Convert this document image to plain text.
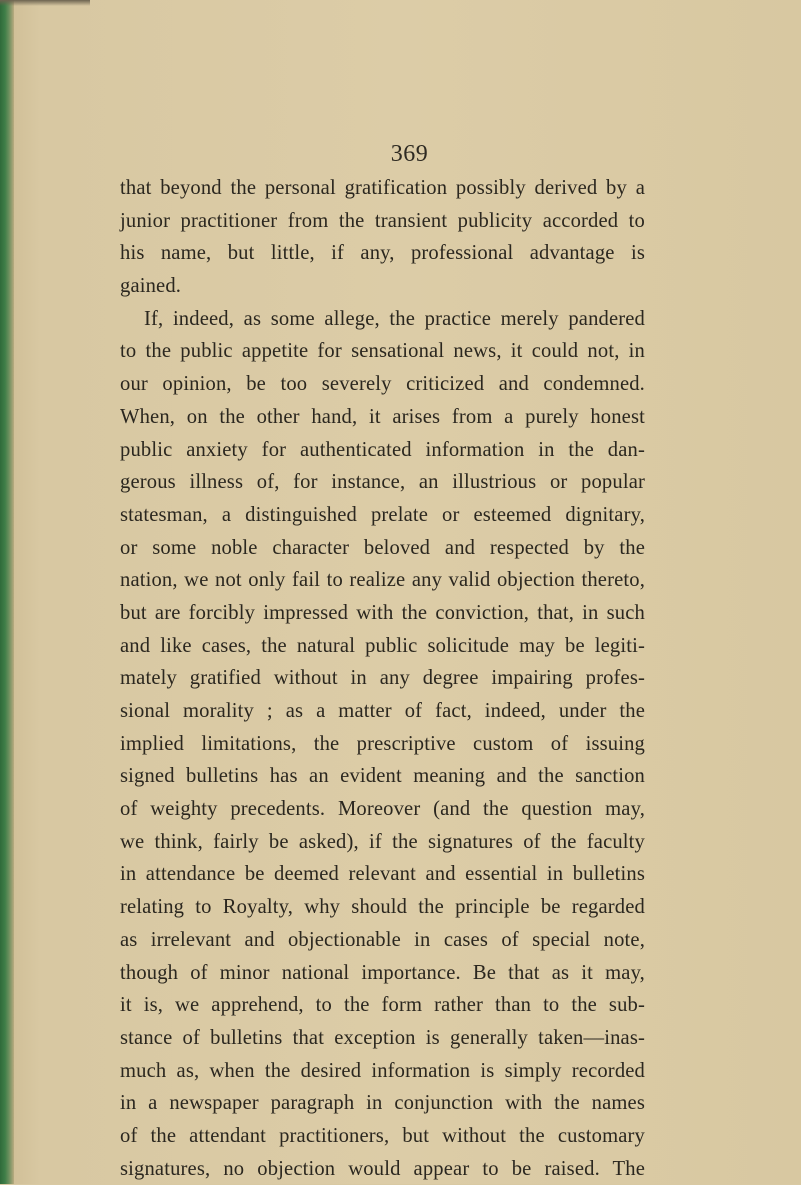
369
that beyond the personal gratification possibly derived by a
junior practitioner from the transient publicity accorded to
his name, but little, if any, professional advantage is
gained.
If, indeed, as some allege, the practice merely pandered
to the public appetite for sensational news, it could not, in
our opinion, be too severely criticized and condemned.
When, on the other hand, it arises from a purely honest
public anxiety for authenticated information in the dan-
gerous illness of, for instance, an illustrious or popular
statesman, a distinguished prelate or esteemed dignitary,
or some noble character beloved and respected by the
nation, we not only fail to realize any valid objection thereto,
but are forcibly impressed with the conviction, that, in such
and like cases, the natural public solicitude may be legiti-
mately gratified without in any degree impairing profes-
sional morality ; as a matter of fact, indeed, under the
implied limitations, the prescriptive custom of issuing
signed bulletins has an evident meaning and the sanction
of weighty precedents. Moreover (and the question may,
we think, fairly be asked), if the signatures of the faculty
in attendance be deemed relevant and essential in bulletins
relating to Royalty, why should the principle be regarded
as irrelevant and objectionable in cases of special note,
though of minor national importance. Be that as it may,
it is, we apprehend, to the form rather than to the sub-
stance of bulletins that exception is generally taken—inas-
much as, when the desired information is simply recorded
in a newspaper paragraph in conjunction with the names
of the attendant practitioners, but without the customary
signatures, no objection would appear to be raised. The
